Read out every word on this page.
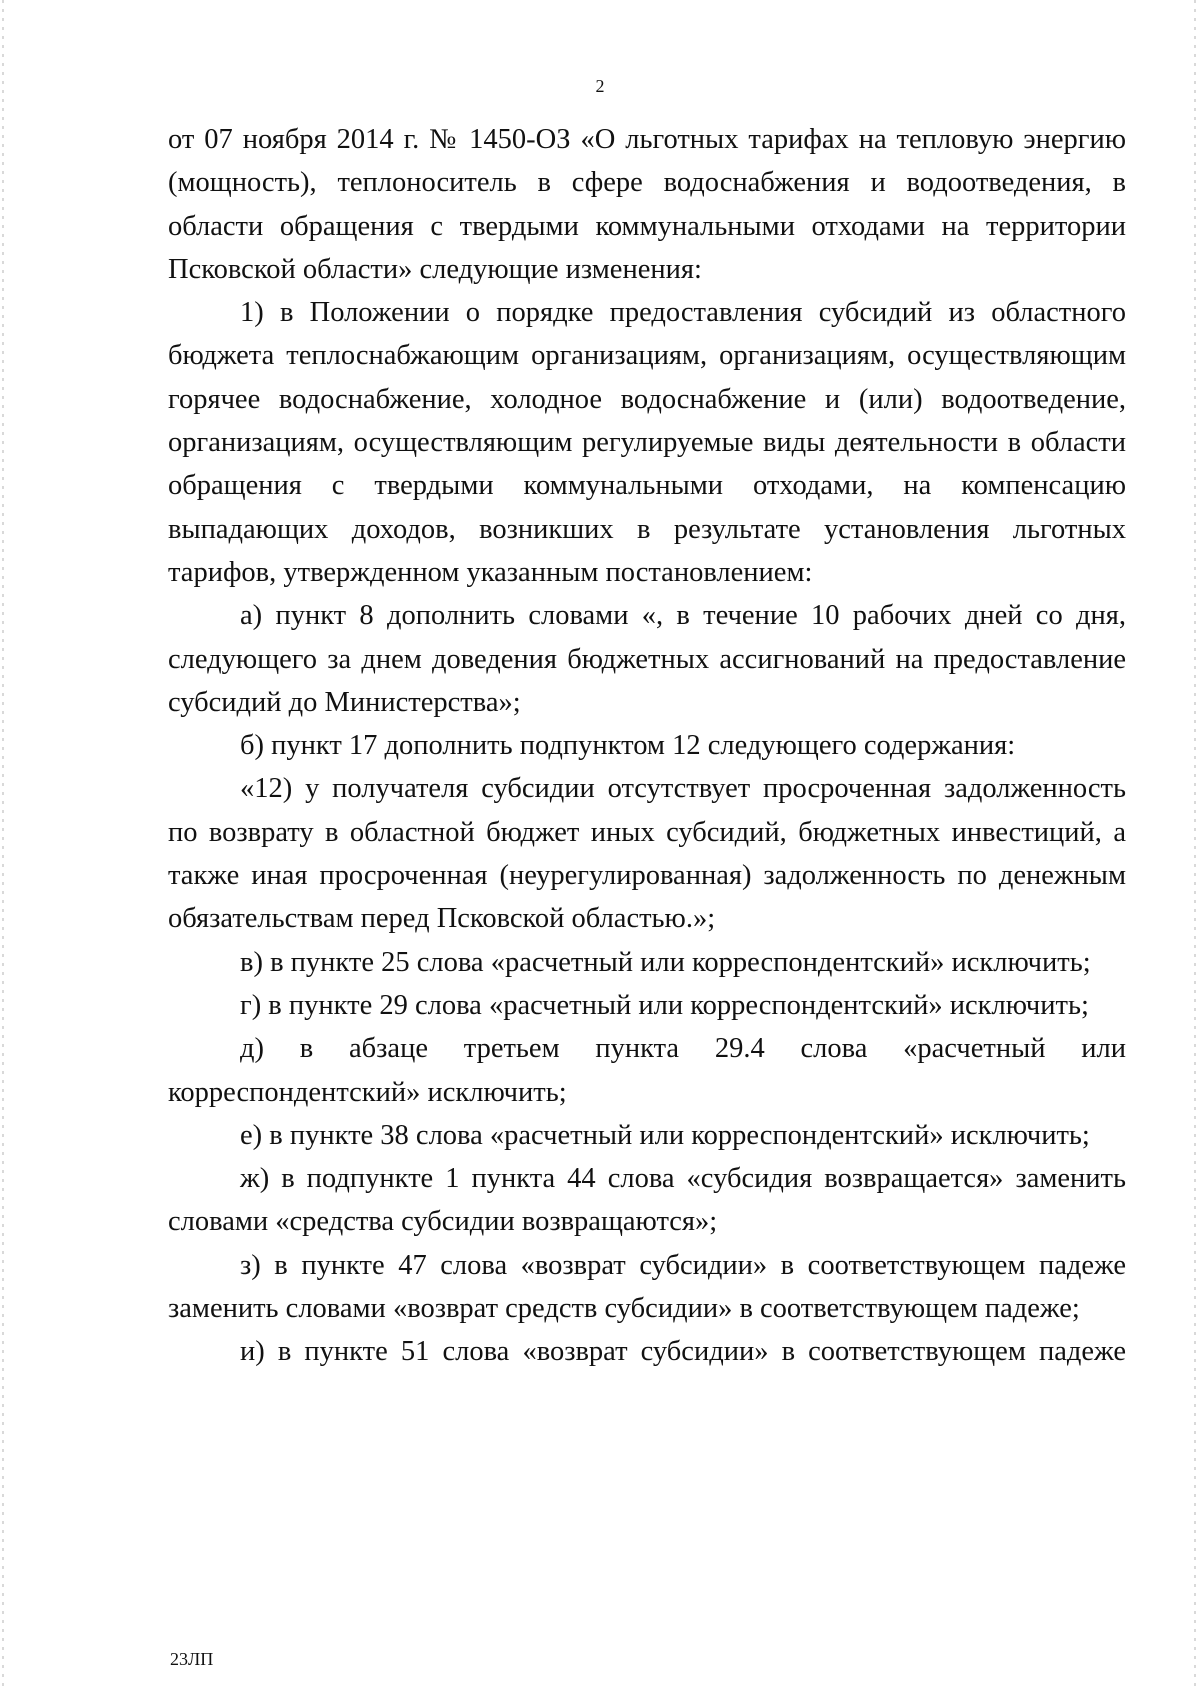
2

от 07 ноября 2014 г. № 1450-ОЗ «О льготных тарифах на тепловую энергию (мощность), теплоноситель в сфере водоснабжения и водоотведения, в области обращения с твердыми коммунальными отходами на территории Псковской области» следующие изменения:

1) в Положении о порядке предоставления субсидий из областного бюджета теплоснабжающим организациям, организациям, осуществляющим горячее водоснабжение, холодное водоснабжение и (или) водоотведение, организациям, осуществляющим регулируемые виды деятельности в области обращения с твердыми коммунальными отходами, на компенсацию выпадающих доходов, возникших в результате установления льготных тарифов, утвержденном указанным постановлением:

а) пункт 8 дополнить словами «, в течение 10 рабочих дней со дня, следующего за днем доведения бюджетных ассигнований на предоставление субсидий до Министерства»;

б) пункт 17 дополнить подпунктом 12 следующего содержания:

«12) у получателя субсидии отсутствует просроченная задолженность по возврату в областной бюджет иных субсидий, бюджетных инвестиций, а также иная просроченная (неурегулированная) задолженность по денежным обязательствам перед Псковской областью.»;

в) в пункте 25 слова «расчетный или корреспондентский» исключить;

г) в пункте 29 слова «расчетный или корреспондентский» исключить;

д) в абзаце третьем пункта 29.4 слова «расчетный или корреспондентский» исключить;

е) в пункте 38 слова «расчетный или корреспондентский» исключить;

ж) в подпункте 1 пункта 44 слова «субсидия возвращается» заменить словами «средства субсидии возвращаются»;

з) в пункте 47 слова «возврат субсидии» в соответствующем падеже заменить словами «возврат средств субсидии» в соответствующем падеже;

и) в пункте 51 слова «возврат субсидии» в соответствующем падеже

23ЛП
